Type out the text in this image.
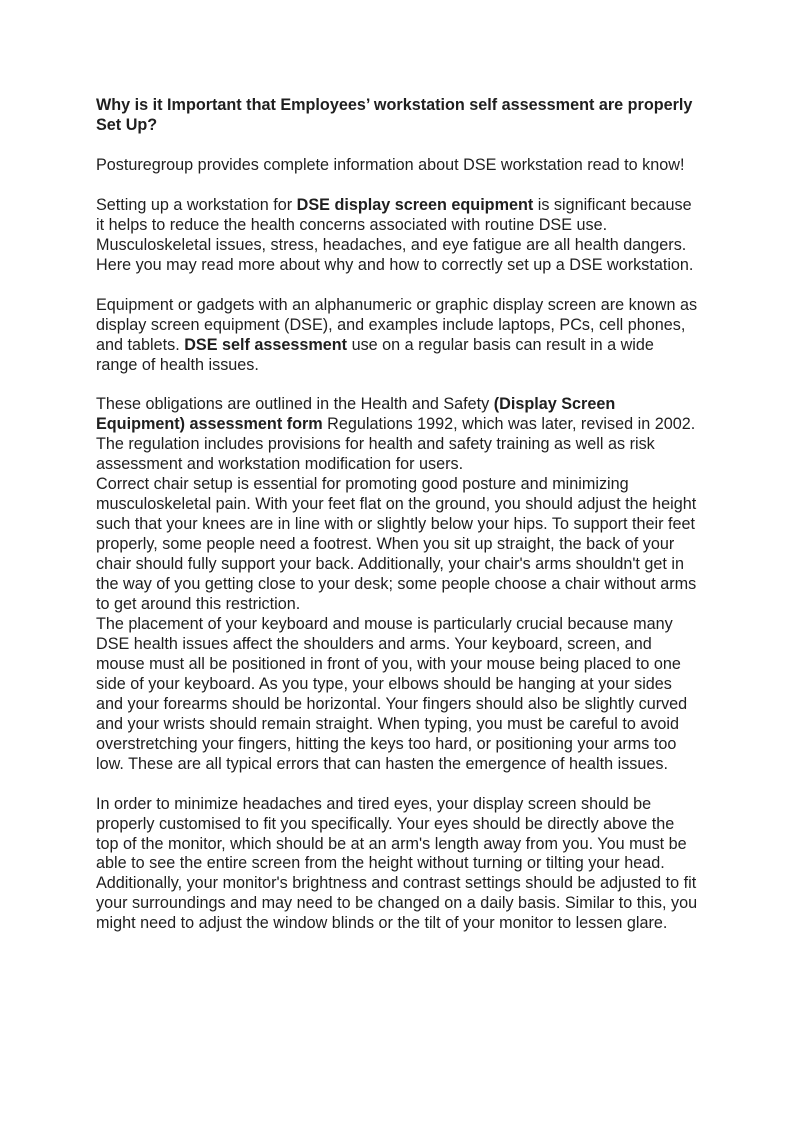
Why is it Important that Employees’ workstation self assessment are properly Set Up?
Posturegroup provides complete information about DSE workstation read to know!
Setting up a workstation for DSE display screen equipment is significant because it helps to reduce the health concerns associated with routine DSE use. Musculoskeletal issues, stress, headaches, and eye fatigue are all health dangers. Here you may read more about why and how to correctly set up a DSE workstation.
Equipment or gadgets with an alphanumeric or graphic display screen are known as display screen equipment (DSE), and examples include laptops, PCs, cell phones, and tablets. DSE self assessment use on a regular basis can result in a wide range of health issues.
These obligations are outlined in the Health and Safety (Display Screen Equipment) assessment form Regulations 1992, which was later, revised in 2002. The regulation includes provisions for health and safety training as well as risk assessment and workstation modification for users.
Correct chair setup is essential for promoting good posture and minimizing musculoskeletal pain. With your feet flat on the ground, you should adjust the height such that your knees are in line with or slightly below your hips. To support their feet properly, some people need a footrest. When you sit up straight, the back of your chair should fully support your back. Additionally, your chair's arms shouldn't get in the way of you getting close to your desk; some people choose a chair without arms to get around this restriction.
The placement of your keyboard and mouse is particularly crucial because many DSE health issues affect the shoulders and arms. Your keyboard, screen, and mouse must all be positioned in front of you, with your mouse being placed to one side of your keyboard. As you type, your elbows should be hanging at your sides and your forearms should be horizontal. Your fingers should also be slightly curved and your wrists should remain straight. When typing, you must be careful to avoid overstretching your fingers, hitting the keys too hard, or positioning your arms too low. These are all typical errors that can hasten the emergence of health issues.
In order to minimize headaches and tired eyes, your display screen should be properly customised to fit you specifically. Your eyes should be directly above the top of the monitor, which should be at an arm's length away from you. You must be able to see the entire screen from the height without turning or tilting your head. Additionally, your monitor's brightness and contrast settings should be adjusted to fit your surroundings and may need to be changed on a daily basis. Similar to this, you might need to adjust the window blinds or the tilt of your monitor to lessen glare.
